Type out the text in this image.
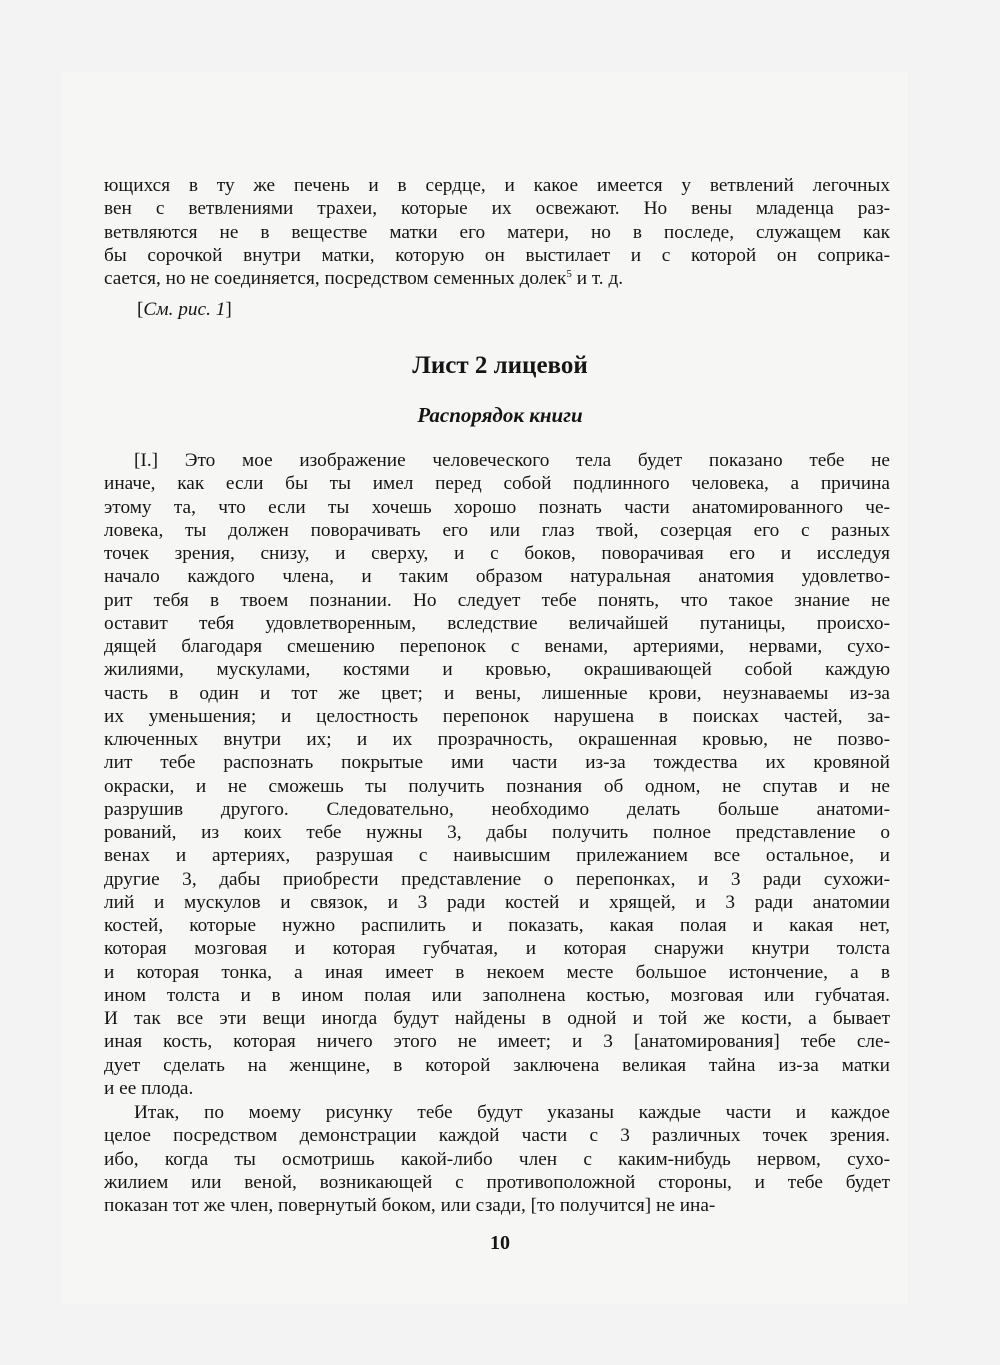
ющихся в ту же печень и в сердце, и какое имеется у ветвлений легочных
вен с ветвлениями трахеи, которые их освежают. Но вены младенца раз-
ветвляются не в веществе матки его матери, но в последе, служащем как
бы сорочкой внутри матки, которую он выстилает и с которой он соприка-
сается, но не соединяется, посредством семенных долек$^5$ и т. д.
[См. рис. 1]
Лист 2 лицевой
Распорядок книги
[I.] Это мое изображение человеческого тела будет показано тебе не
иначе, как если бы ты имел перед собой подлинного человека, а причина
этому та, что если ты хочешь хорошо познать части анатомированного че-
ловека, ты должен поворачивать его или глаз твой, созерцая его с разных
точек зрения, снизу, и сверху, и с боков, поворачивая его и исследуя
начало каждого члена, и таким образом натуральная анатомия удовлетво-
рит тебя в твоем познании. Но следует тебе понять, что такое знание не
оставит тебя удовлетворенным, вследствие величайшей путаницы, происхо-
дящей благодаря смешению перепонок с венами, артериями, нервами, сухо-
жилиями, мускулами, костями и кровью, окрашивающей собой каждую
часть в один и тот же цвет; и вены, лишенные крови, неузнаваемы из-за
их уменьшения; и целостность перепонок нарушена в поисках частей, за-
ключенных внутри их; и их прозрачность, окрашенная кровью, не позво-
лит тебе распознать покрытые ими части из-за тождества их кровяной
окраски, и не сможешь ты получить познания об одном, не спутав и не
разрушив другого. Следовательно, необходимо делать больше анатоми-
рований, из коих тебе нужны 3, дабы получить полное представление о
венах и артериях, разрушая с наивысшим прилежанием все остальное, и
другие 3, дабы приобрести представление о перепонках, и 3 ради сухожи-
лий и мускулов и связок, и 3 ради костей и хрящей, и 3 ради анатомии
костей, которые нужно распилить и показать, какая полая и какая нет,
которая мозговая и которая губчатая, и которая снаружи кнутри толста
и которая тонка, а иная имеет в некоем месте большое истончение, а в
ином толста и в ином полая или заполнена костью, мозговая или губчатая.
И так все эти вещи иногда будут найдены в одной и той же кости, а бывает
иная кость, которая ничего этого не имеет; и 3 [анатомирования] тебе сле-
дует сделать на женщине, в которой заключена великая тайна из-за матки
и ее плода.
Итак, по моему рисунку тебе будут указаны каждые части и каждое
целое посредством демонстрации каждой части с 3 различных точек зрения.
ибо, когда ты осмотришь какой-либо член с каким-нибудь нервом, сухо-
жилием или веной, возникающей с противоположной стороны, и тебе будет
показан тот же член, повернутый боком, или сзади, [то получится] не ина-
10
